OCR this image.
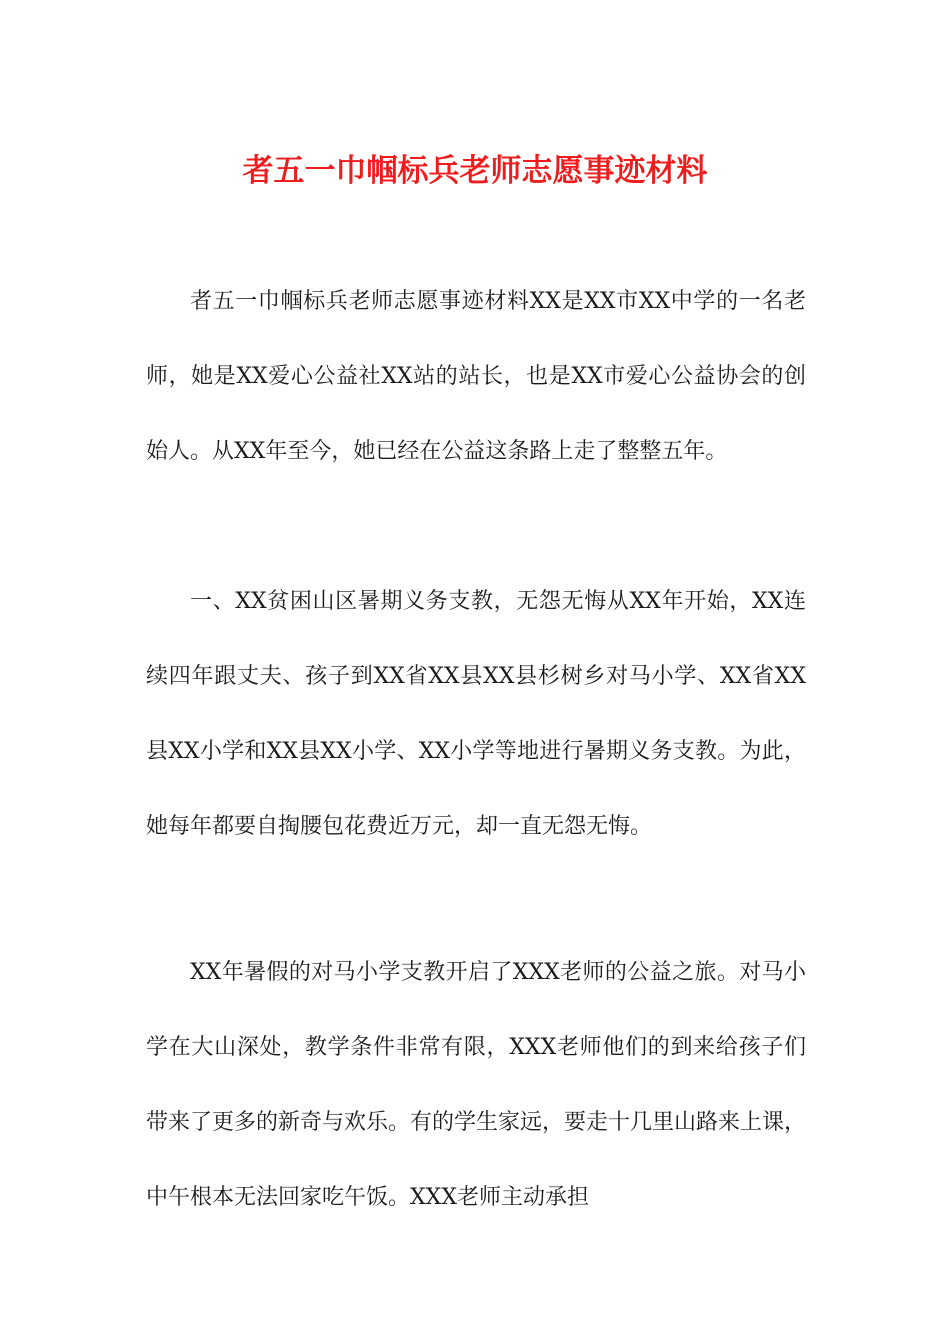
者五一巾帼标兵老师志愿事迹材料

者五一巾帼标兵老师志愿事迹材料XX是XX市XX中学的一名老师，她是XX爱心公益社XX站的站长，也是XX市爱心公益协会的创始人。从XX年至今，她已经在公益这条路上走了整整五年。

一、XX贫困山区暑期义务支教，无怨无悔从XX年开始，XX连续四年跟丈夫、孩子到XX省XX县XX县杉树乡对马小学、XX省XX县XX小学和XX县XX小学、XX小学等地进行暑期义务支教。为此，她每年都要自掏腰包花费近万元，却一直无怨无悔。

XX年暑假的对马小学支教开启了XXX老师的公益之旅。对马小学在大山深处，教学条件非常有限，XXX老师他们的到来给孩子们带来了更多的新奇与欢乐。有的学生家远，要走十几里山路来上课，中午根本无法回家吃午饭。XXX老师主动承担
